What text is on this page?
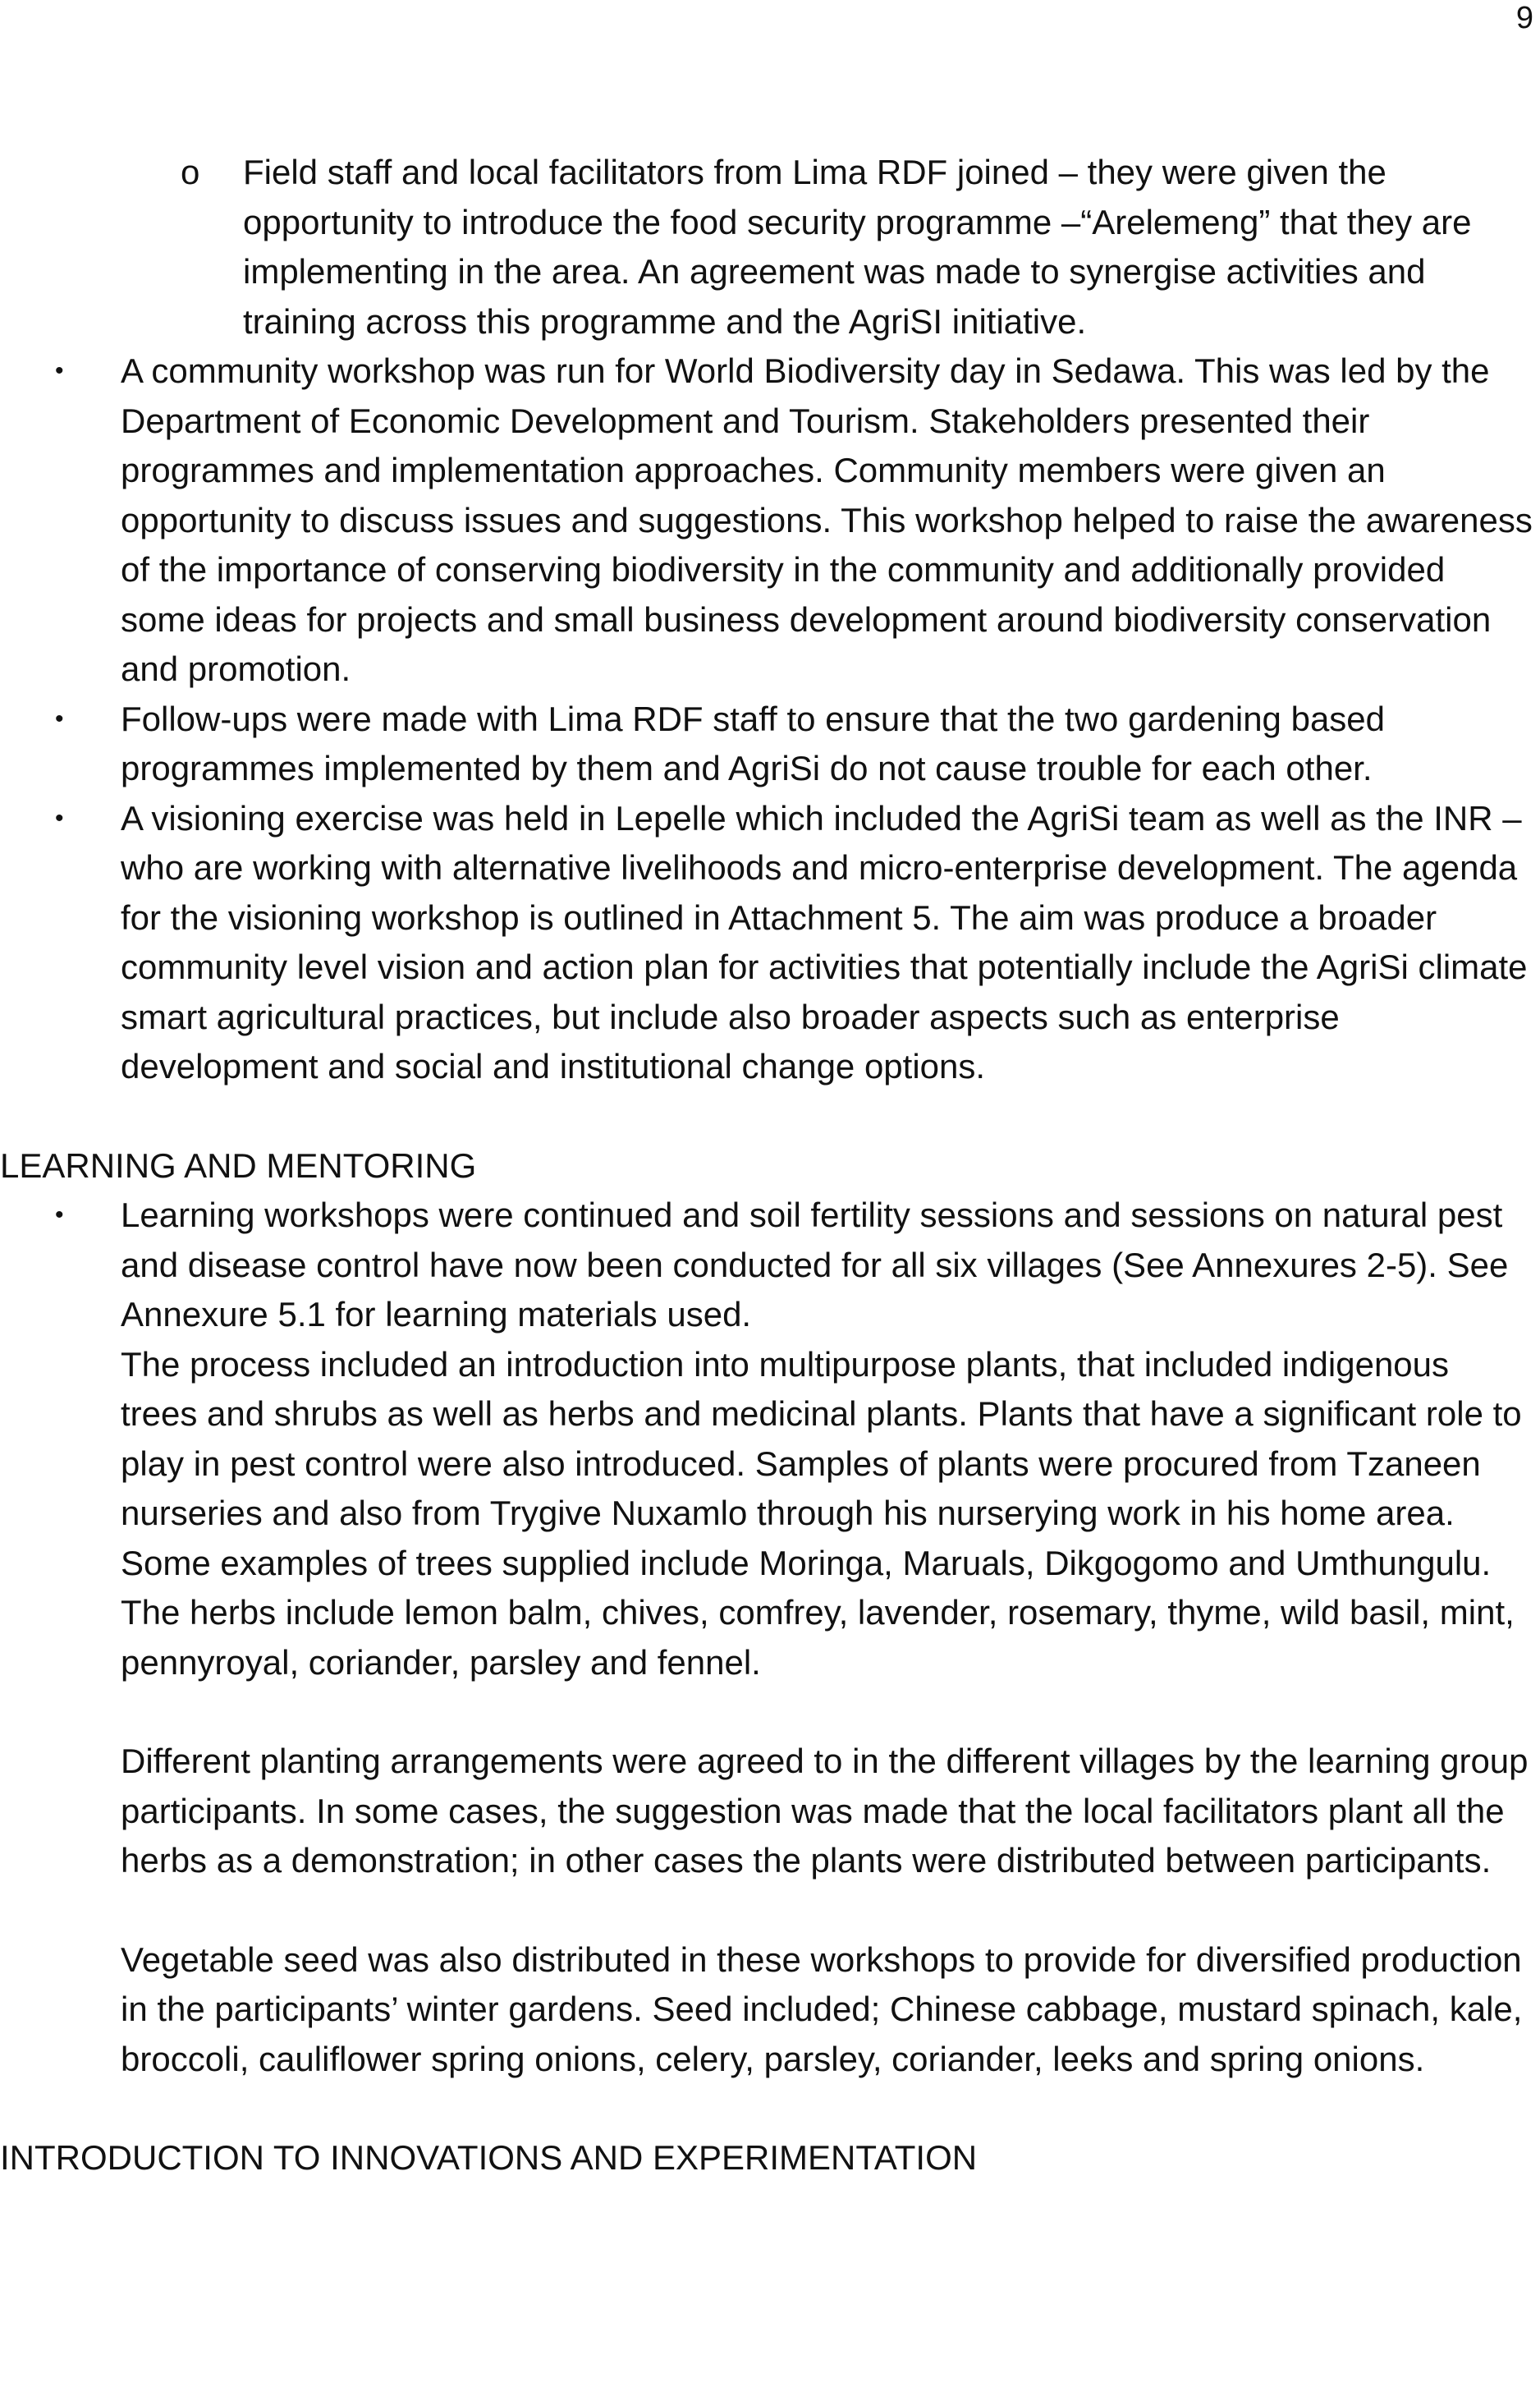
9
o Field staff and local facilitators from Lima RDF joined – they were given the opportunity to introduce the food security programme –“Arelemeng” that they are implementing in the area. An agreement was made to synergise activities and training across this programme and the AgriSI initiative.

• A community workshop was run for World Biodiversity day in Sedawa. This was led by the Department of Economic Development and Tourism. Stakeholders presented their programmes and implementation approaches. Community members were given an opportunity to discuss issues and suggestions. This workshop helped to raise the awareness of the importance of conserving biodiversity in the community and additionally provided some ideas for projects and small business development around biodiversity conservation and promotion.

• Follow-ups were made with Lima RDF staff to ensure that the two gardening based programmes implemented by them and AgriSi do not cause trouble for each other.

• A visioning exercise was held in Lepelle which included the AgriSi team as well as the INR – who are working with alternative livelihoods and micro-enterprise development. The agenda for the visioning workshop is outlined in Attachment 5. The aim was produce a broader community level vision and action plan for activities that potentially include the AgriSi climate smart agricultural practices, but include also broader aspects such as enterprise development and social and institutional change options.

LEARNING AND MENTORING
• Learning workshops were continued and soil fertility sessions and sessions on natural pest and disease control have now been conducted for all six villages (See Annexures 2-5). See Annexure 5.1 for learning materials used.

The process included an introduction into multipurpose plants, that included indigenous trees and shrubs as well as herbs and medicinal plants. Plants that have a significant role to play in pest control were also introduced. Samples of plants were procured from Tzaneen nurseries and also from Trygive Nuxamlo through his nurserying work in his home area. Some examples of trees supplied include Moringa, Maruals, Dikgogomo and Umthungulu. The herbs include lemon balm, chives, comfrey, lavender, rosemary, thyme, wild basil, mint, pennyroyal, coriander, parsley and fennel.

Different planting arrangements were agreed to in the different villages by the learning group participants. In some cases, the suggestion was made that the local facilitators plant all the herbs as a demonstration; in other cases the plants were distributed between participants.

Vegetable seed was also distributed in these workshops to provide for diversified production in the participants’ winter gardens. Seed included; Chinese cabbage, mustard spinach, kale, broccoli, cauliflower spring onions, celery, parsley, coriander, leeks and spring onions.

INTRODUCTION TO INNOVATIONS AND EXPERIMENTATION
